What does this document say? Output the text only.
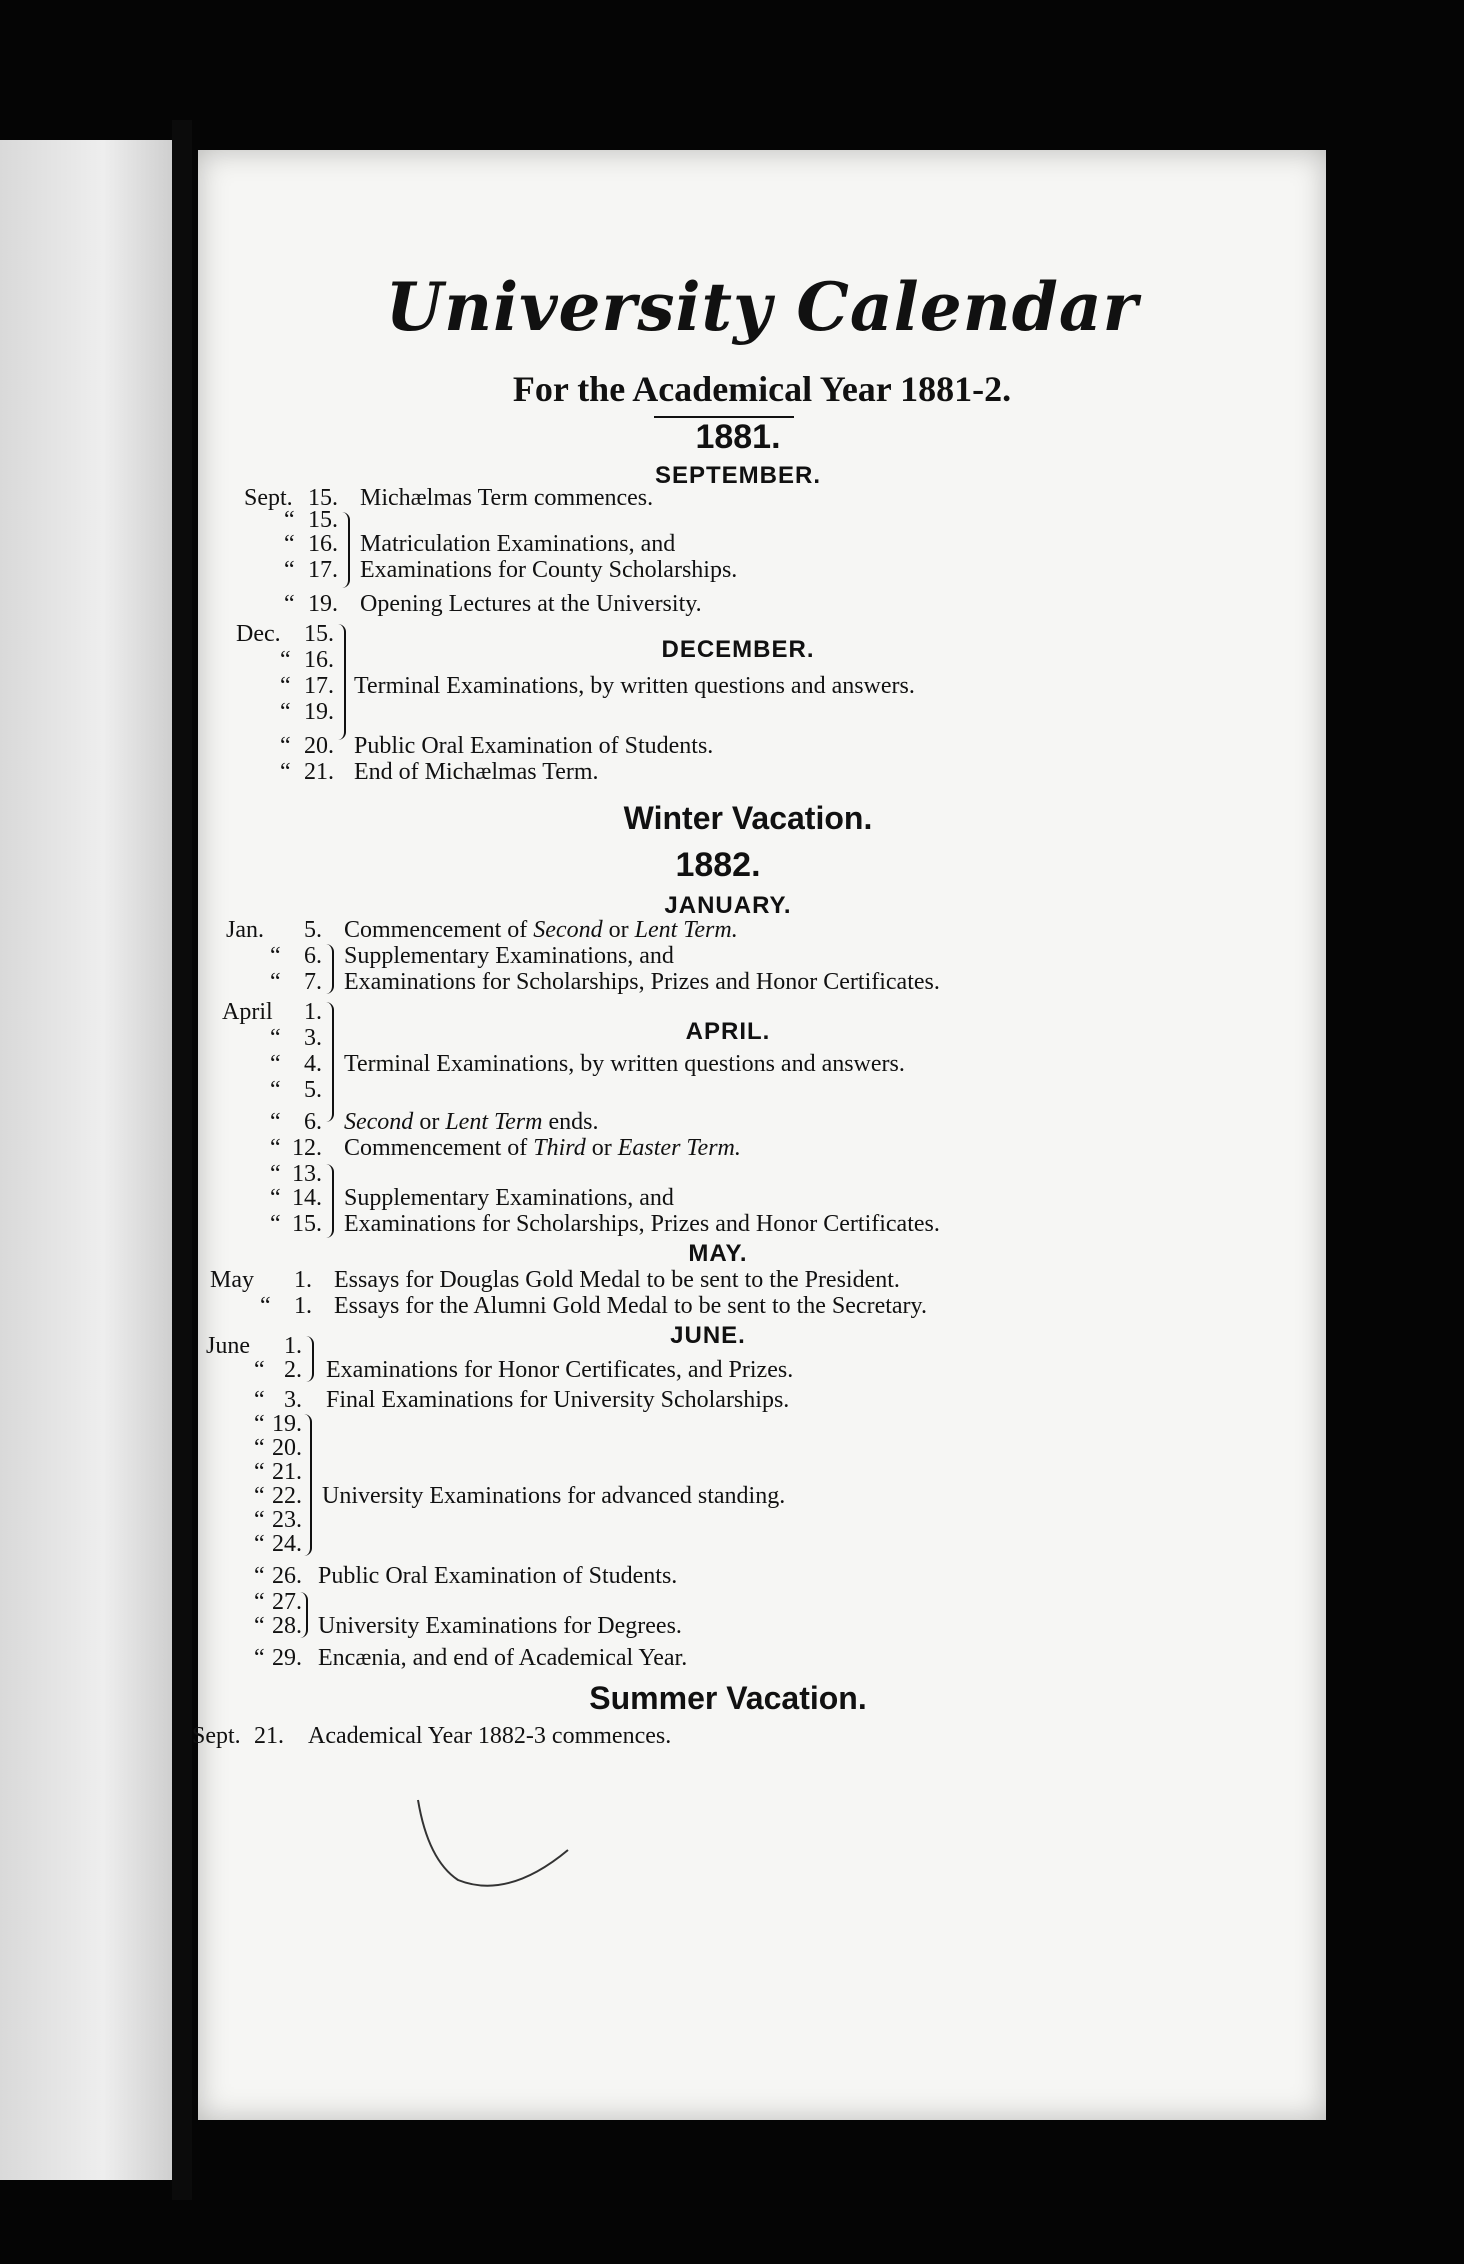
University Calendar
For the Academical Year 1881-2.
1881.
SEPTEMBER.
Sept. 15. Michælmas Term commences.
“ 15.
“ 16. Matriculation Examinations, and
“ 17. Examinations for County Scholarships.
“ 19. Opening Lectures at the University.
Dec. 15.
DECEMBER.
“ 16.
“ 17. Terminal Examinations, by written questions and answers.
“ 19.
“ 20. Public Oral Examination of Students.
“ 21. End of Michælmas Term.
Winter Vacation.
1882.
JANUARY.
Jan.	5. Commencement of Second or Lent Term.
“ 6. Supplementary Examinations, and
“ 7. Examinations for Scholarships, Prizes and Honor Certificates.
April	1.
APRIL.
“ 3.
“ 4. Terminal Examinations, by written questions and answers.
“ 5.
“ 6. Second or Lent Term ends.
“ 12. Commencement of Third or Easter Term.
“ 13.
“ 14. Supplementary Examinations, and
“ 15. Examinations for Scholarships, Prizes and Honor Certificates.
MAY.
May	1. Essays for Douglas Gold Medal to be sent to the President.
“ 1. Essays for the Alumni Gold Medal to be sent to the Secretary.
JUNE.
June	1.
“ 2. Examinations for Honor Certificates, and Prizes.
“ 3. Final Examinations for University Scholarships.
“ 19.
“ 20.
“ 21.
“ 22. University Examinations for advanced standing.
“ 23.
“ 24.
“ 26. Public Oral Examination of Students.
“ 27.
“ 28. University Examinations for Degrees.
“ 29. Encænia, and end of Academical Year.
Summer Vacation.
Sept. 21. Academical Year 1882-3 commences.
